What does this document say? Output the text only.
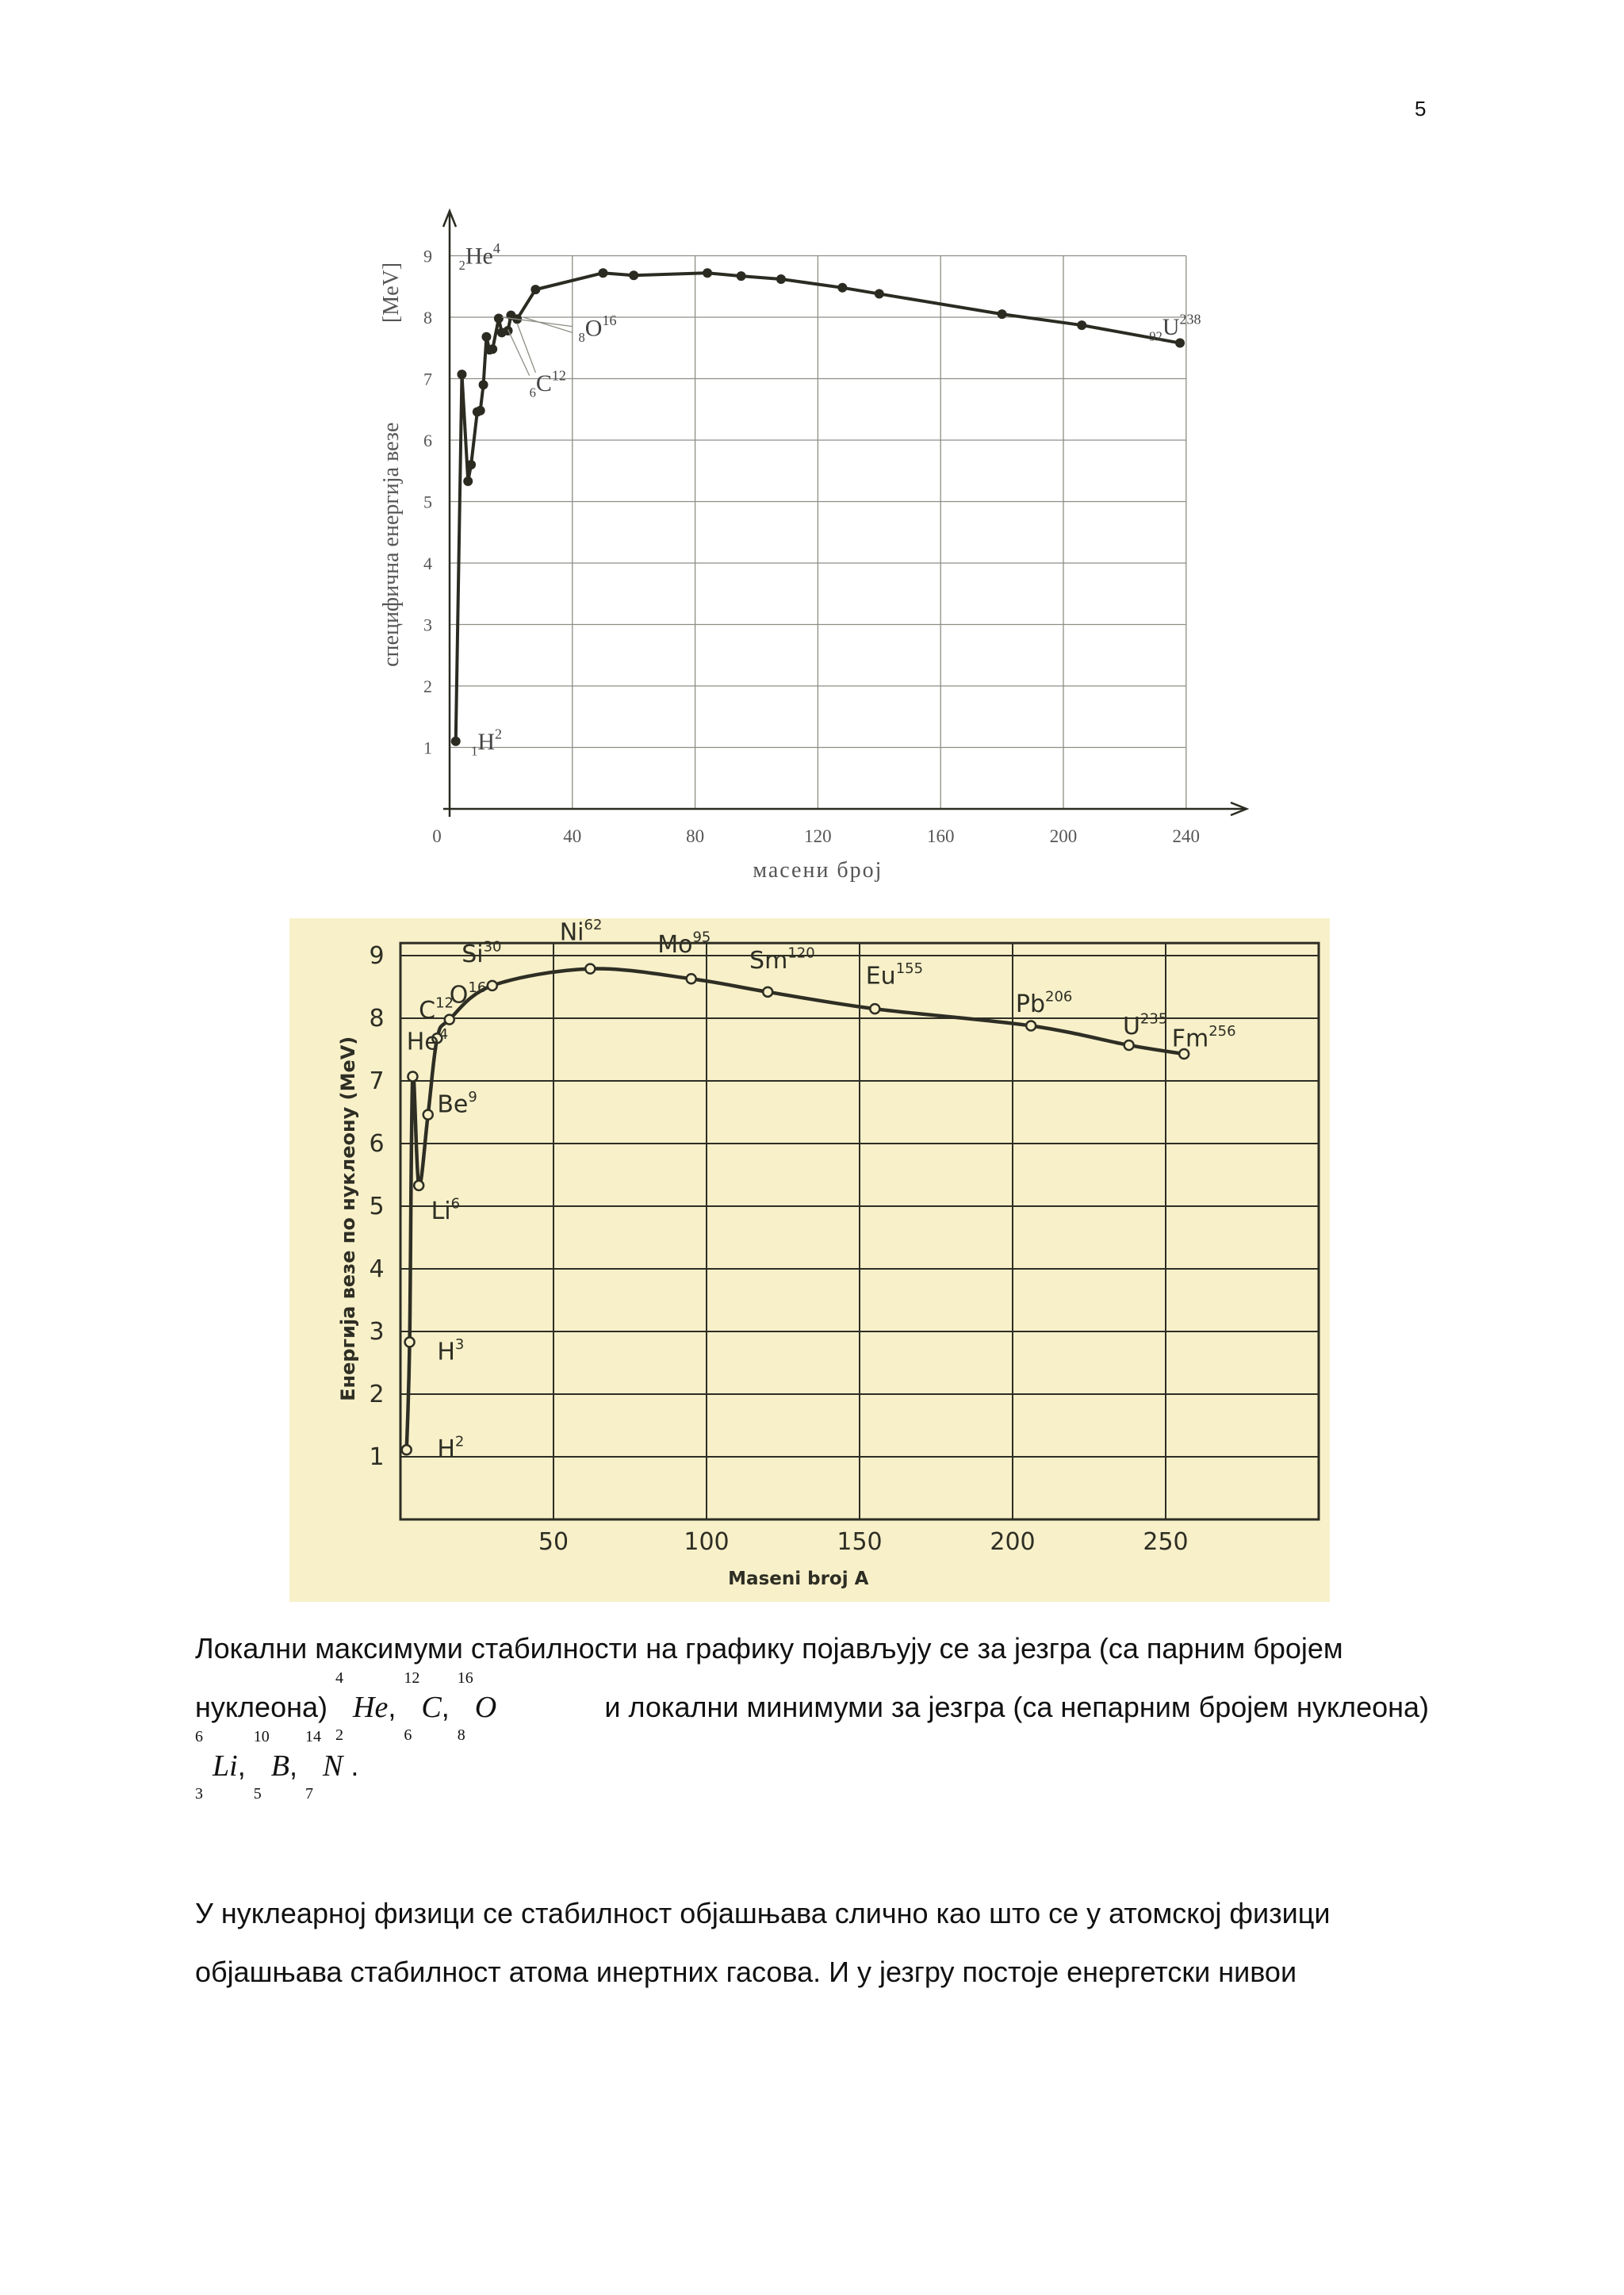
5
1
2
3
4
5
6
7
8
9
0	40	80	120	160	200	240
масени број
специфична енергија везе
[MeV]
$_1H^2$
$_2He^4$
$_6C^{12}$
$_8O^{16}$
$_{92}U^{238}$
1
2
3
4
5
6
7
8
9
50	100	150	200	250
Maseni broj A
Енергија везе по нуклеону (MeV)
$H^2$
$H^3$
He$^4$
Li$^6$
Be$^9$
$C^{12}$
$O^{16}$
Si$^{30}$
Ni$^{62}$
Mo$^{95}$
Sm$^{120}$
Eu$^{155}$
Pb$^{206}$
$U^{235}$
Fm$^{256}$
Локални максимуми стабилности на графику појављују се за језгра (са парним бројем
нуклеона)
4
2
He,
12
6
C,
16
8
O	и локални минимуми за језгра (са непарним бројем нуклеона)
6
3
Li ,

10
5
B ,

14
7
N
.
У нуклеарној физици се стабилност објашњава слично као што се у атомској физици
објашњава стабилност атома инертних гасова. И у језгру постоје енергетски нивои
